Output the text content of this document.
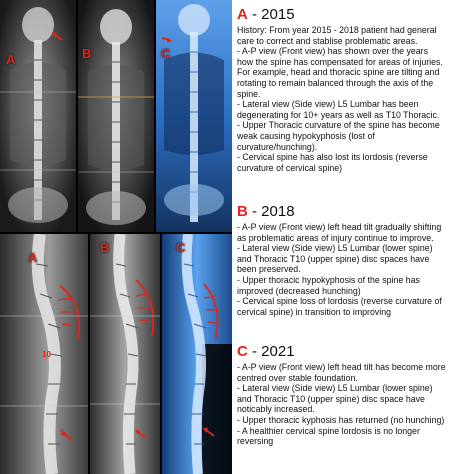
A	B	C
A
10
5
B	C
A - 2015
History: From year 2015 - 2018 patient had general
care to correct and stablise problematic areas.
- A-P view (Front view) has shown over the years
how the spine has compensated for areas of injuries.
For example, head and thoracic spine are tilting and
rotating to remain balanced through the axis of the
spine.
- Lateral view (Side view) L5 Lumbar has been
degenerating for 10+ years as well as T10 Thoracic.
- Upper Thoracic curvature of the spine has become
weak causing hypokyphosis (lost of
curvature/hunching).
- Cervical spine has also lost its lordosis (reverse
curvature of cervical spine)
B - 2018
- A-P view (Front view) left head tilt gradually shifting
as problematic areas of injury continue to improve.
- Lateral view (Side view) L5 Lumbar (lower spine)
and Thoracic T10 (upper spine) disc spaces have
been preserved.
- Upper thoracic hypokyphosis of the spine has
improved (decreased hunching)
- Cervical spine loss of lordosis (reverse curvature of
cervical spine) in transition to improving
C - 2021
- A-P view (Front view) left head tilt has become more
centred over stable foundation.
- Lateral view (Side view) L5 Lumbar (lower spine)
and Thoracic T10 (upper spine) disc space have
noticably increased.
- Upper thoracic kyphosis has returned (no hunching)
- A healthier cervical spine lordosis is no longer
reversing
